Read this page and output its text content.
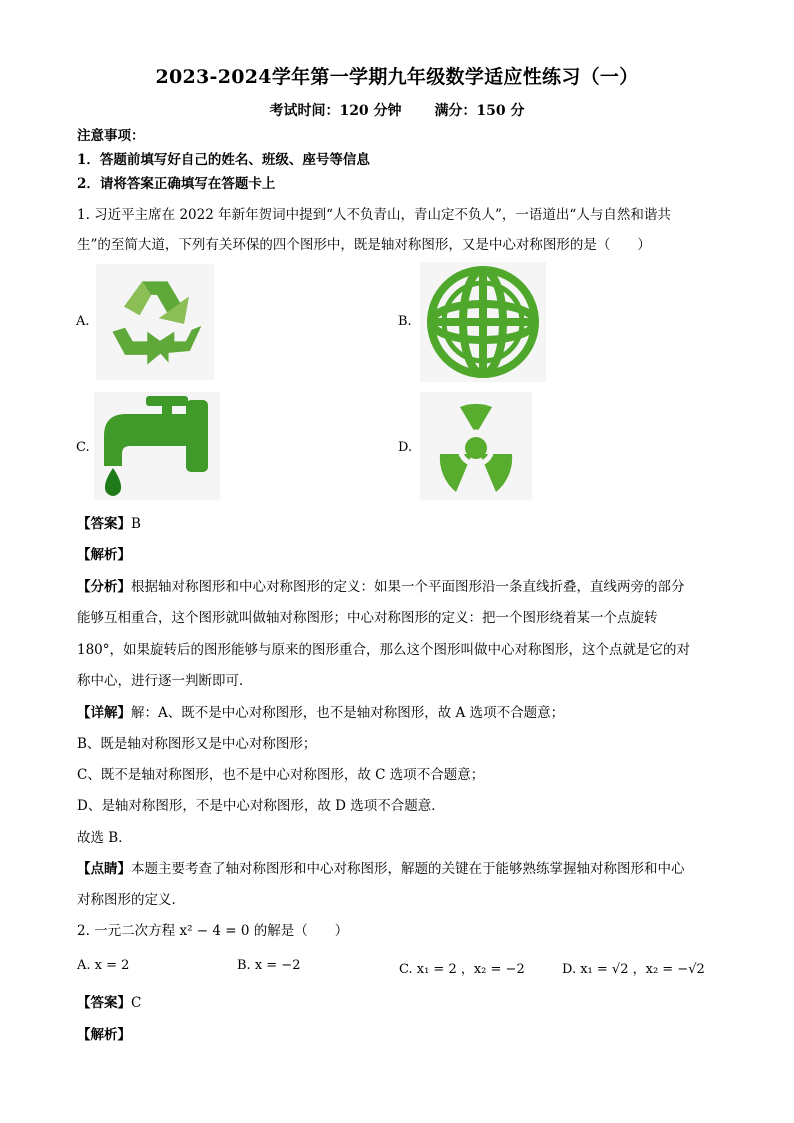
2023-2024学年第一学期九年级数学适应性练习（一）
考试时间：120 分钟 满分：150 分
注意事项：
1．答题前填写好自己的姓名、班级、座号等信息
2．请将答案正确填写在答题卡上
1. 习近平主席在 2022 年新年贺词中提到“人不负青山，青山定不负人”，一语道出“人与自然和谐共
生”的至简大道，下列有关环保的四个图形中，既是轴对称图形，又是中心对称图形的是（　　）
A.	B.
C.	D.
【答案】B
【解析】
【分析】根据轴对称图形和中心对称图形的定义：如果一个平面图形沿一条直线折叠，直线两旁的部分
能够互相重合，这个图形就叫做轴对称图形；中心对称图形的定义：把一个图形绕着某一个点旋转
180°，如果旋转后的图形能够与原来的图形重合，那么这个图形叫做中心对称图形，这个点就是它的对
称中心，进行逐一判断即可．
【详解】解：A、既不是中心对称图形，也不是轴对称图形，故 A 选项不合题意；
B、既是轴对称图形又是中心对称图形；
C、既不是轴对称图形，也不是中心对称图形，故 C 选项不合题意；
D、是轴对称图形，不是中心对称图形，故 D 选项不合题意．
故选 B．
【点睛】本题主要考查了轴对称图形和中心对称图形，解题的关键在于能够熟练掌握轴对称图形和中心
对称图形的定义．
2. 一元二次方程 x² − 4 = 0 的解是（　　）
A. x = 2	B. x = −2	C. x₁ = 2 ，x₂ = −2	D. x₁ = √2 ，x₂ = −√2
【答案】C
【解析】
